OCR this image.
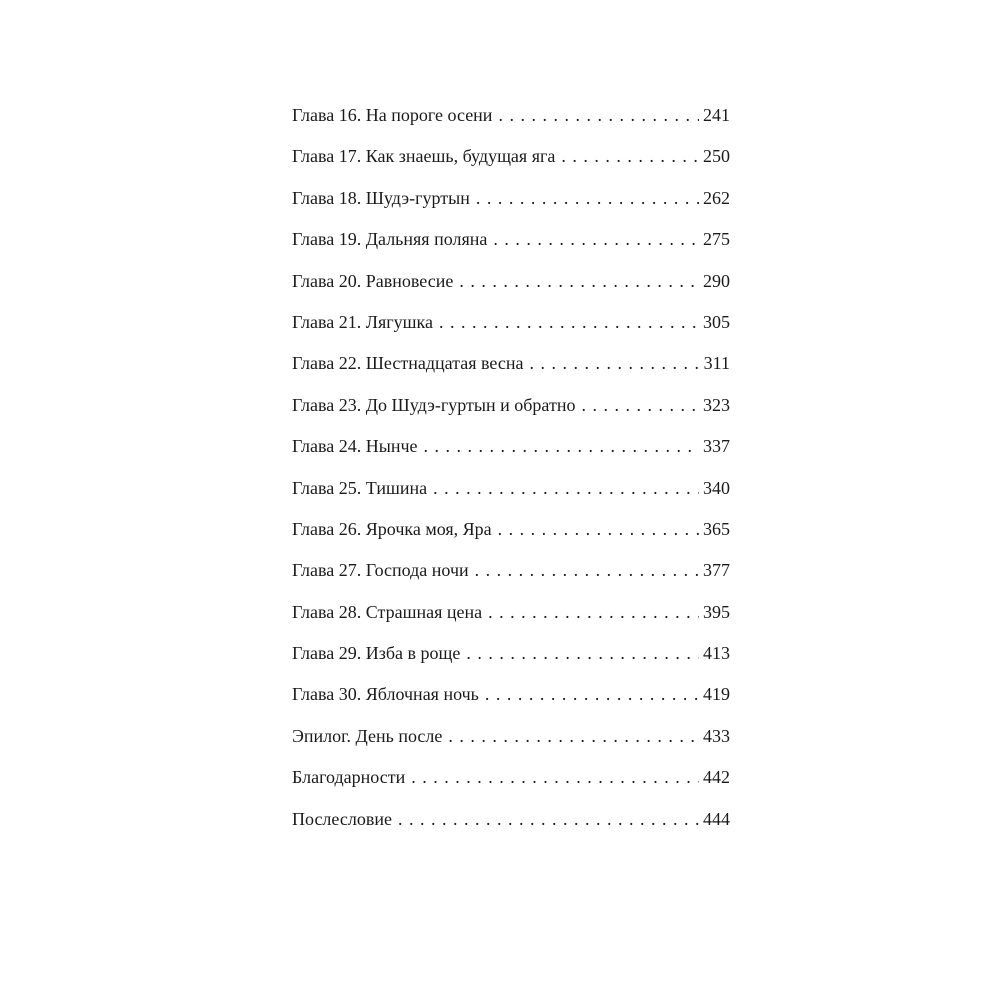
Глава 16. На пороге осени . . .	241
Глава 17. Как знаешь, будущая яга . . .	250
Глава 18. Шудэ-гуртын . . .	262
Глава 19. Дальняя поляна . . .	275
Глава 20. Равновесие . . .	290
Глава 21. Лягушка . . .	305
Глава 22. Шестнадцатая весна . . .	311
Глава 23. До Шудэ-гуртын и обратно . . .	323
Глава 24. Нынче . . .	337
Глава 25. Тишина . . .	340
Глава 26. Ярочка моя, Яра . . .	365
Глава 27. Господа ночи . . .	377
Глава 28. Страшная цена . . .	395
Глава 29. Изба в роще . . .	413
Глава 30. Яблочная ночь . . .	419
Эпилог. День после . . .	433
Благодарности . . .	442
Послесловие . . .	444
